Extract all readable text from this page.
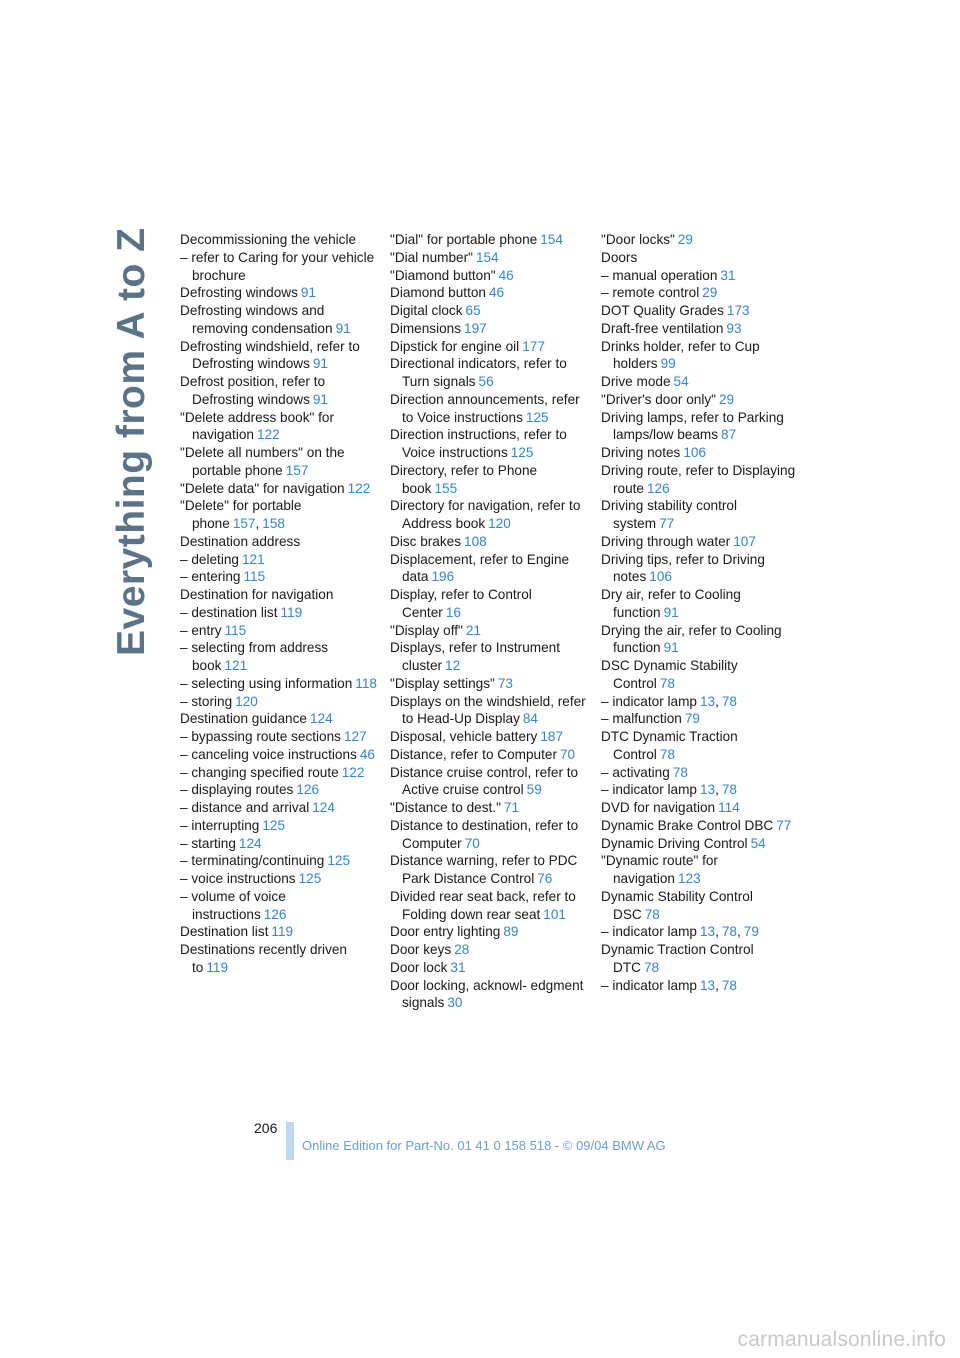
Everything from A to Z	Decommissioning the vehicle
– refer to Caring for your vehicle brochure
Defrosting windows 91
Defrosting windows and removing condensation 91
Defrosting windshield, refer to Defrosting windows 91
Defrost position, refer to Defrosting windows 91
"Delete address book" for navigation 122
"Delete all numbers" on the portable phone 157
"Delete data" for navigation 122
"Delete" for portable phone 157, 158
Destination address
– deleting 121
– entering 115
Destination for navigation
– destination list 119
– entry 115
– selecting from address book 121
– selecting using information 118
– storing 120
Destination guidance 124
– bypassing route sections 127
– canceling voice instructions 46
– changing specified route 122
– displaying routes 126
– distance and arrival 124
– interrupting 125
– starting 124
– terminating/continuing 125
– voice instructions 125
– volume of voice instructions 126
Destination list 119
Destinations recently driven to 119
"Dial" for portable phone 154
"Dial number" 154
"Diamond button" 46
Diamond button 46
Digital clock 65
Dimensions 197
Dipstick for engine oil 177
Directional indicators, refer to Turn signals 56
Direction announcements, refer to Voice instructions 125
Direction instructions, refer to Voice instructions 125
Directory, refer to Phone book 155
Directory for navigation, refer to Address book 120
Disc brakes 108
Displacement, refer to Engine data 196
Display, refer to Control Center 16
"Display off" 21
Displays, refer to Instrument cluster 12
"Display settings" 73
Displays on the windshield, refer to Head-Up Display 84
Disposal, vehicle battery 187
Distance, refer to Computer 70
Distance cruise control, refer to Active cruise control 59
"Distance to dest." 71
Distance to destination, refer to Computer 70
Distance warning, refer to PDC Park Distance Control 76
Divided rear seat back, refer to Folding down rear seat 101
Door entry lighting 89
Door keys 28
Door lock 31
Door locking, acknowl- edgment signals 30
"Door locks" 29
Doors
– manual operation 31
– remote control 29
DOT Quality Grades 173
Draft-free ventilation 93
Drinks holder, refer to Cup holders 99
Drive mode 54
"Driver's door only" 29
Driving lamps, refer to Parking lamps/low beams 87
Driving notes 106
Driving route, refer to Displaying route 126
Driving stability control system 77
Driving through water 107
Driving tips, refer to Driving notes 106
Dry air, refer to Cooling function 91
Drying the air, refer to Cooling function 91
DSC Dynamic Stability Control 78
– indicator lamp 13, 78
– malfunction 79
DTC Dynamic Traction Control 78
– activating 78
– indicator lamp 13, 78
DVD for navigation 114
Dynamic Brake Control DBC 77
Dynamic Driving Control 54
"Dynamic route" for navigation 123
Dynamic Stability Control DSC 78
– indicator lamp 13, 78, 79
Dynamic Traction Control DTC 78
– indicator lamp 13, 78
206
Online Edition for Part-No. 01 41 0 158 518 - © 09/04 BMW AG
carmanualsonline.info
